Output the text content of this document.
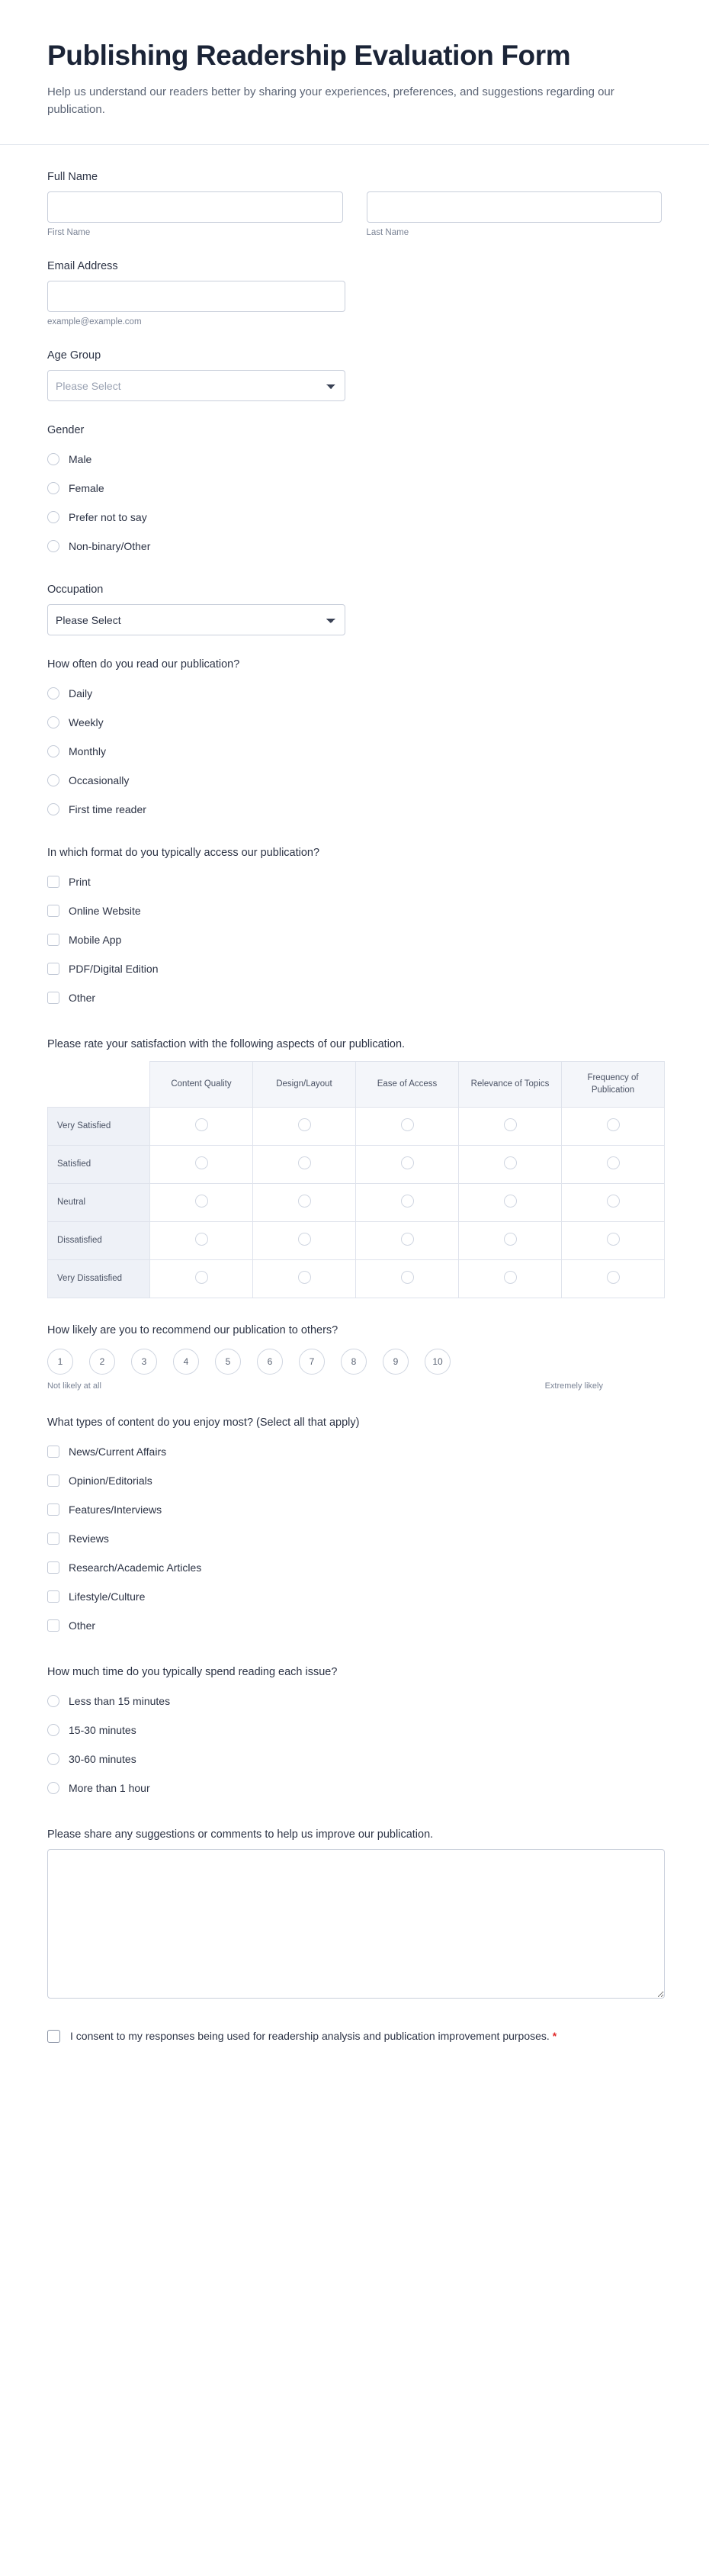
Publishing Readership Evaluation Form

Help us understand our readers better by sharing your experiences, preferences, and suggestions regarding our publication.

Full Name
First Name	Last Name
Email Address
example@example.com
Age Group
Please Select
Gender
Male
Female
Prefer not to say
Non-binary/Other
Occupation
Please Select
How often do you read our publication?
Daily
Weekly
Monthly
Occasionally
First time reader
In which format do you typically access our publication?
Print
Online Website
Mobile App
PDF/Digital Edition
Other
Please rate your satisfaction with the following aspects of our publication.
	Content Quality	Design/Layout	Ease of Access	Relevance of Topics	Frequency of Publication
Very Satisfied					
Satisfied					
Neutral					
Dissatisfied					
Very Dissatisfied					
How likely are you to recommend our publication to others?
1	2	3	4	5	6	7	8	9	10
Not likely at all	Extremely likely
What types of content do you enjoy most? (Select all that apply)
News/Current Affairs
Opinion/Editorials
Features/Interviews
Reviews
Research/Academic Articles
Lifestyle/Culture
Other
How much time do you typically spend reading each issue?
Less than 15 minutes
15-30 minutes
30-60 minutes
More than 1 hour
Please share any suggestions or comments to help us improve our publication.
I consent to my responses being used for readership analysis and publication improvement purposes. *
